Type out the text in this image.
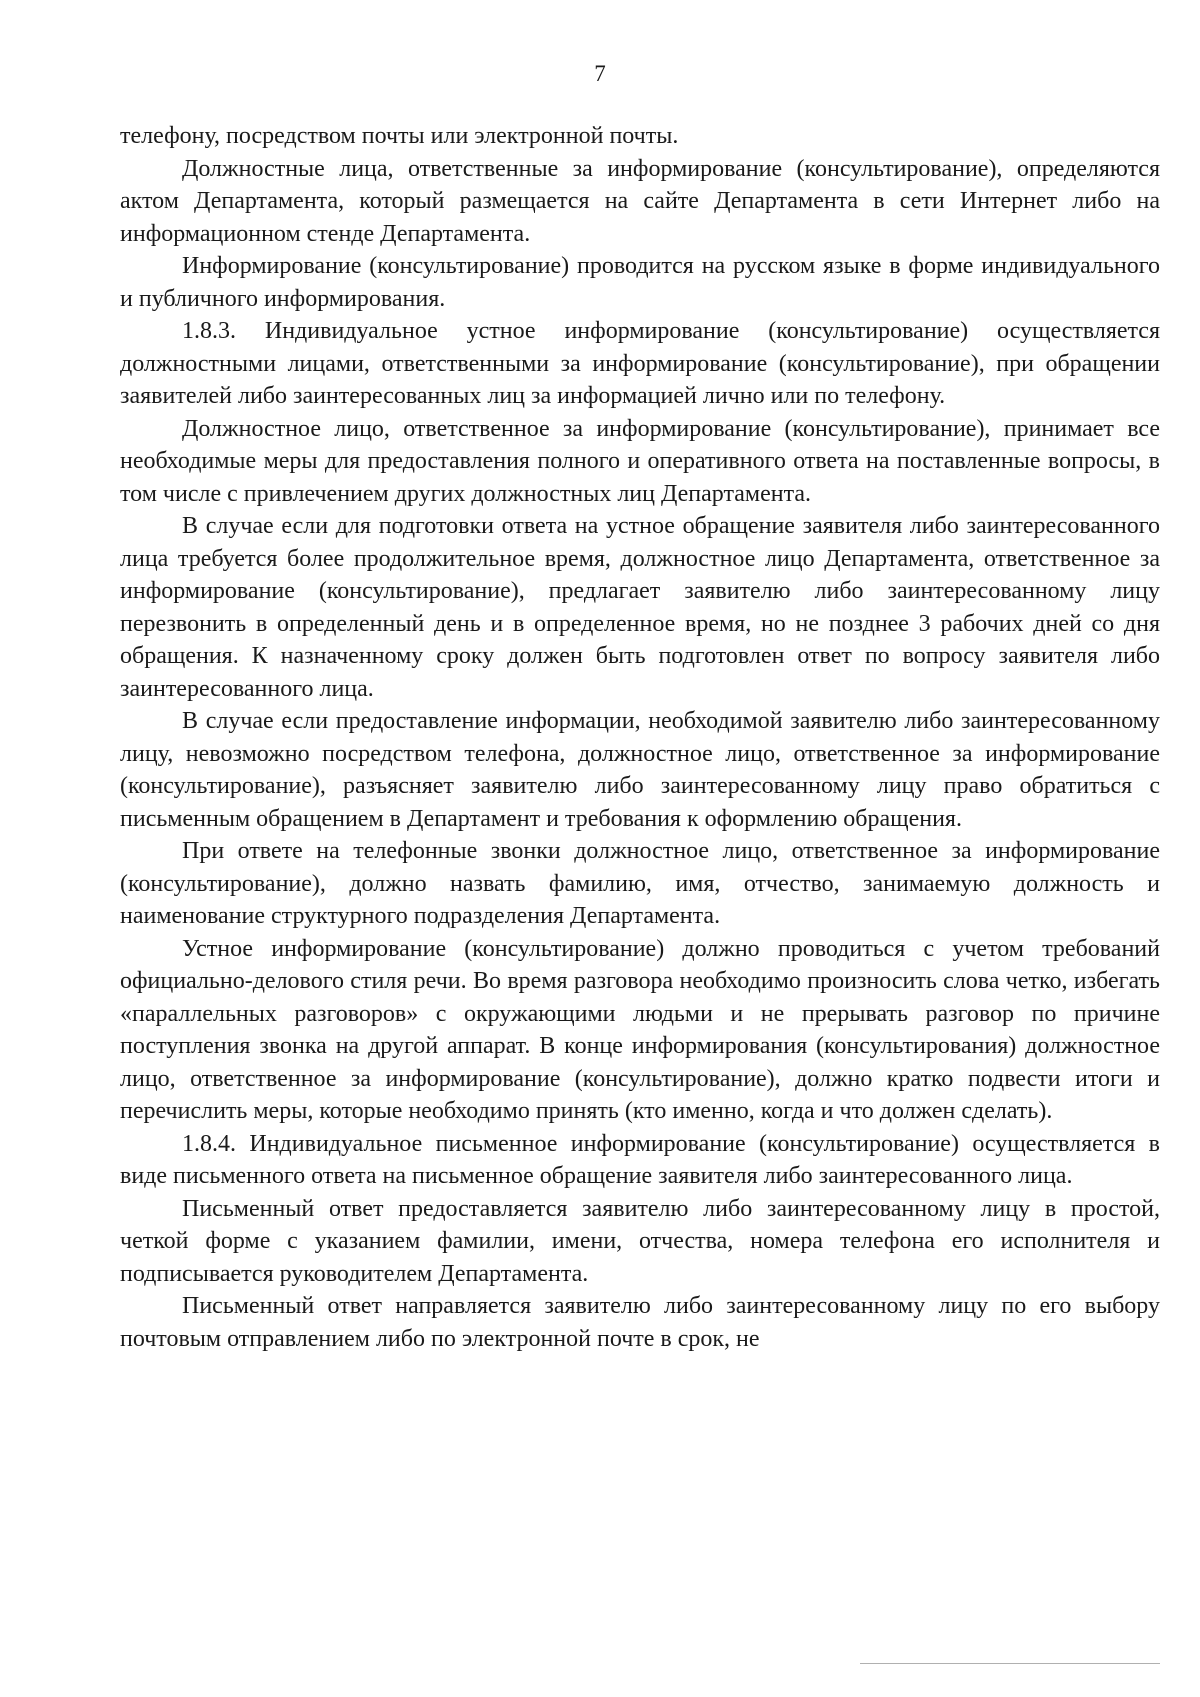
7

телефону, посредством почты или электронной почты.

Должностные лица, ответственные за информирование (консультирование), определяются актом Департамента, который размещается на сайте Департамента в сети Интернет либо на информационном стенде Департамента.

Информирование (консультирование) проводится на русском языке в форме индивидуального и публичного информирования.

1.8.3. Индивидуальное устное информирование (консультирование) осуществляется должностными лицами, ответственными за информирование (консультирование), при обращении заявителей либо заинтересованных лиц за информацией лично или по телефону.

Должностное лицо, ответственное за информирование (консультирование), принимает все необходимые меры для предоставления полного и оперативного ответа на поставленные вопросы, в том числе с привлечением других должностных лиц Департамента.

В случае если для подготовки ответа на устное обращение заявителя либо заинтересованного лица требуется более продолжительное время, должностное лицо Департамента, ответственное за информирование (консультирование), предлагает заявителю либо заинтересованному лицу перезвонить в определенный день и в определенное время, но не позднее 3 рабочих дней со дня обращения. К назначенному сроку должен быть подготовлен ответ по вопросу заявителя либо заинтересованного лица.

В случае если предоставление информации, необходимой заявителю либо заинтересованному лицу, невозможно посредством телефона, должностное лицо, ответственное за информирование (консультирование), разъясняет заявителю либо заинтересованному лицу право обратиться с письменным обращением в Департамент и требования к оформлению обращения.

При ответе на телефонные звонки должностное лицо, ответственное за информирование (консультирование), должно назвать фамилию, имя, отчество, занимаемую должность и наименование структурного подразделения Департамента.

Устное информирование (консультирование) должно проводиться с учетом требований официально-делового стиля речи. Во время разговора необходимо произносить слова четко, избегать «параллельных разговоров» с окружающими людьми и не прерывать разговор по причине поступления звонка на другой аппарат. В конце информирования (консультирования) должностное лицо, ответственное за информирование (консультирование), должно кратко подвести итоги и перечислить меры, которые необходимо принять (кто именно, когда и что должен сделать).

1.8.4. Индивидуальное письменное информирование (консультирование) осуществляется в виде письменного ответа на письменное обращение заявителя либо заинтересованного лица.

Письменный ответ предоставляется заявителю либо заинтересованному лицу в простой, четкой форме с указанием фамилии, имени, отчества, номера телефона его исполнителя и подписывается руководителем Департамента.

Письменный ответ направляется заявителю либо заинтересованному лицу по его выбору почтовым отправлением либо по электронной почте в срок, не
